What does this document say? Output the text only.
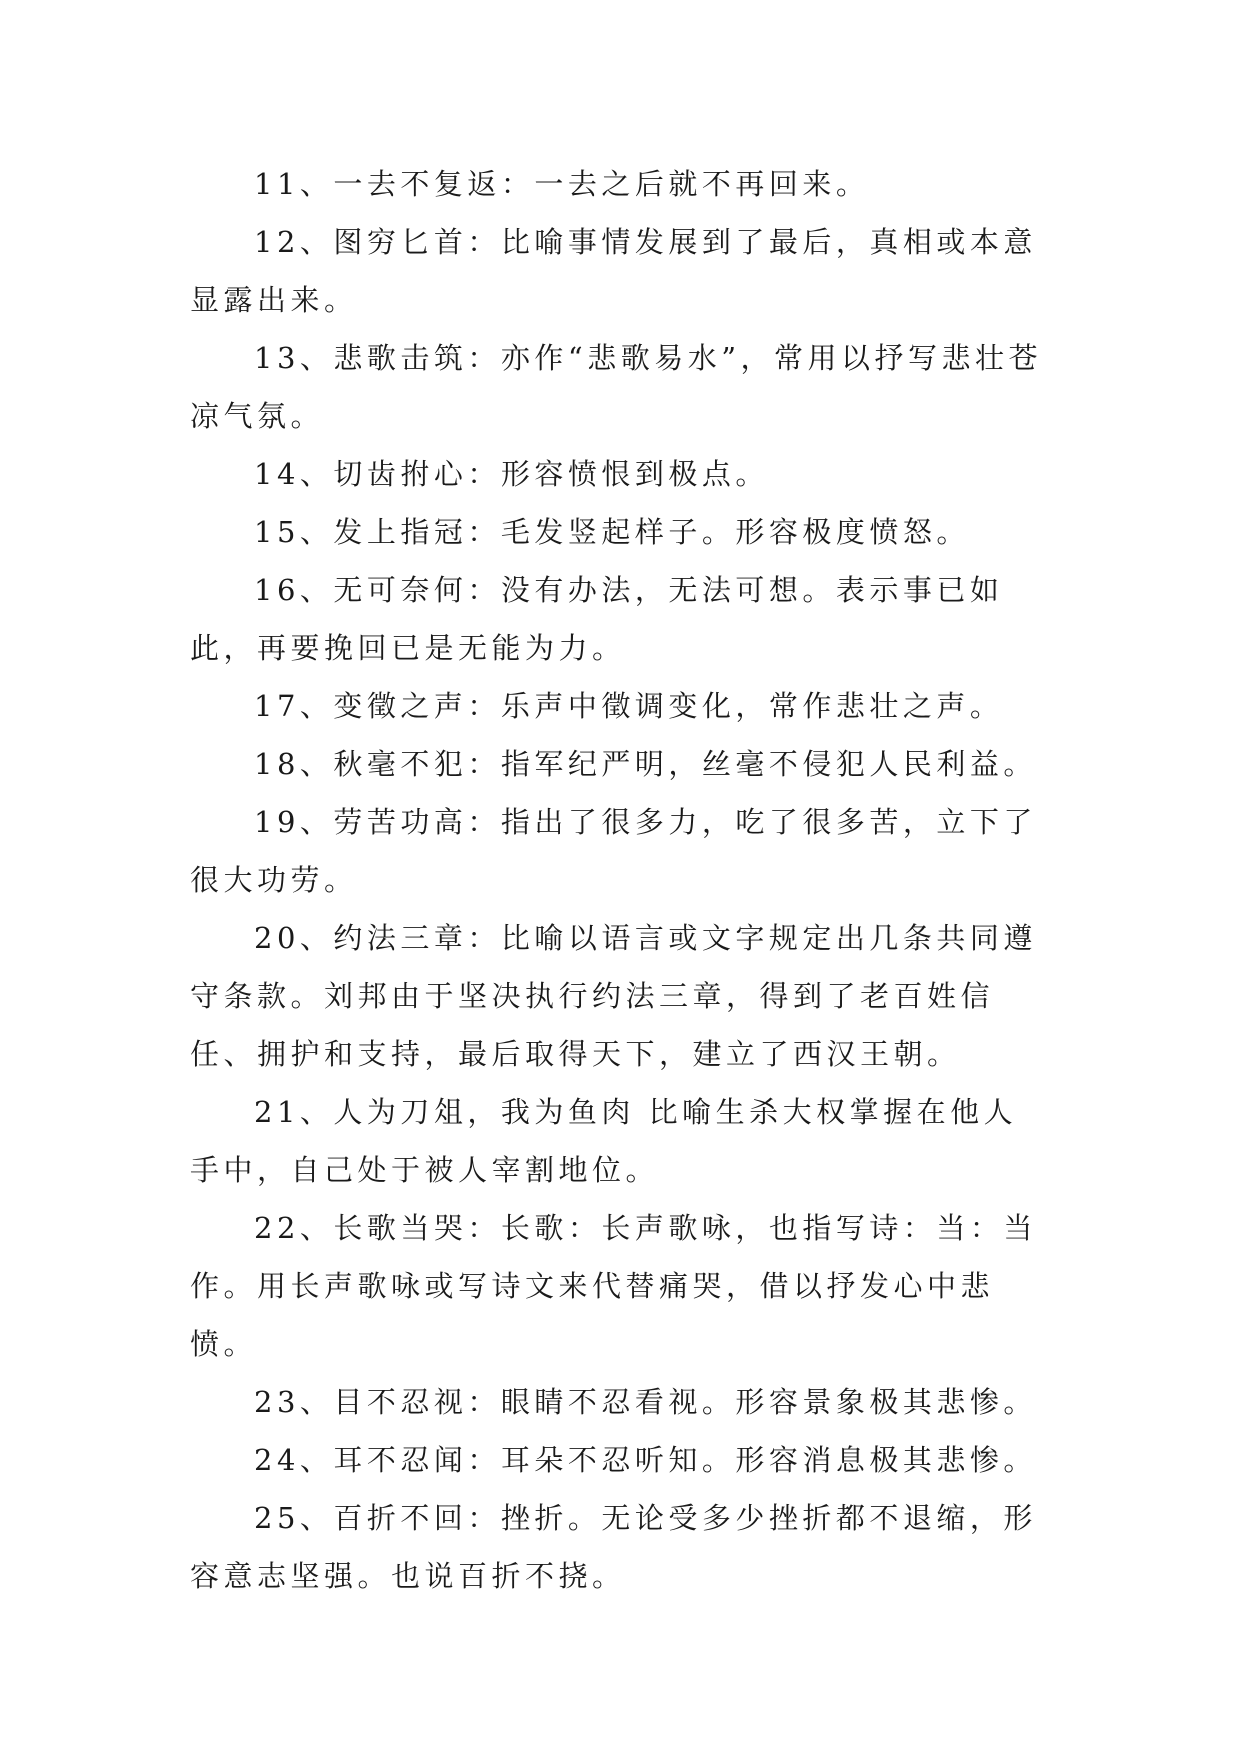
11、一去不复返：一去之后就不再回来。

12、图穷匕首：比喻事情发展到了最后，真相或本意显露出来。

13、悲歌击筑：亦作“悲歌易水”，常用以抒写悲壮苍凉气氛。

14、切齿拊心：形容愤恨到极点。

15、发上指冠：毛发竖起样子。形容极度愤怒。

16、无可奈何：没有办法，无法可想。表示事已如此，再要挽回已是无能为力。

17、变徵之声：乐声中徵调变化，常作悲壮之声。

18、秋毫不犯：指军纪严明，丝毫不侵犯人民利益。

19、劳苦功高：指出了很多力，吃了很多苦，立下了很大功劳。

20、约法三章：比喻以语言或文字规定出几条共同遵守条款。刘邦由于坚决执行约法三章，得到了老百姓信任、拥护和支持，最后取得天下，建立了西汉王朝。

21、人为刀俎，我为鱼肉 比喻生杀大权掌握在他人手中，自己处于被人宰割地位。

22、长歌当哭：长歌：长声歌咏，也指写诗：当：当作。用长声歌咏或写诗文来代替痛哭，借以抒发心中悲愤。

23、目不忍视：眼睛不忍看视。形容景象极其悲惨。

24、耳不忍闻：耳朵不忍听知。形容消息极其悲惨。

25、百折不回：挫折。无论受多少挫折都不退缩，形容意志坚强。也说百折不挠。
